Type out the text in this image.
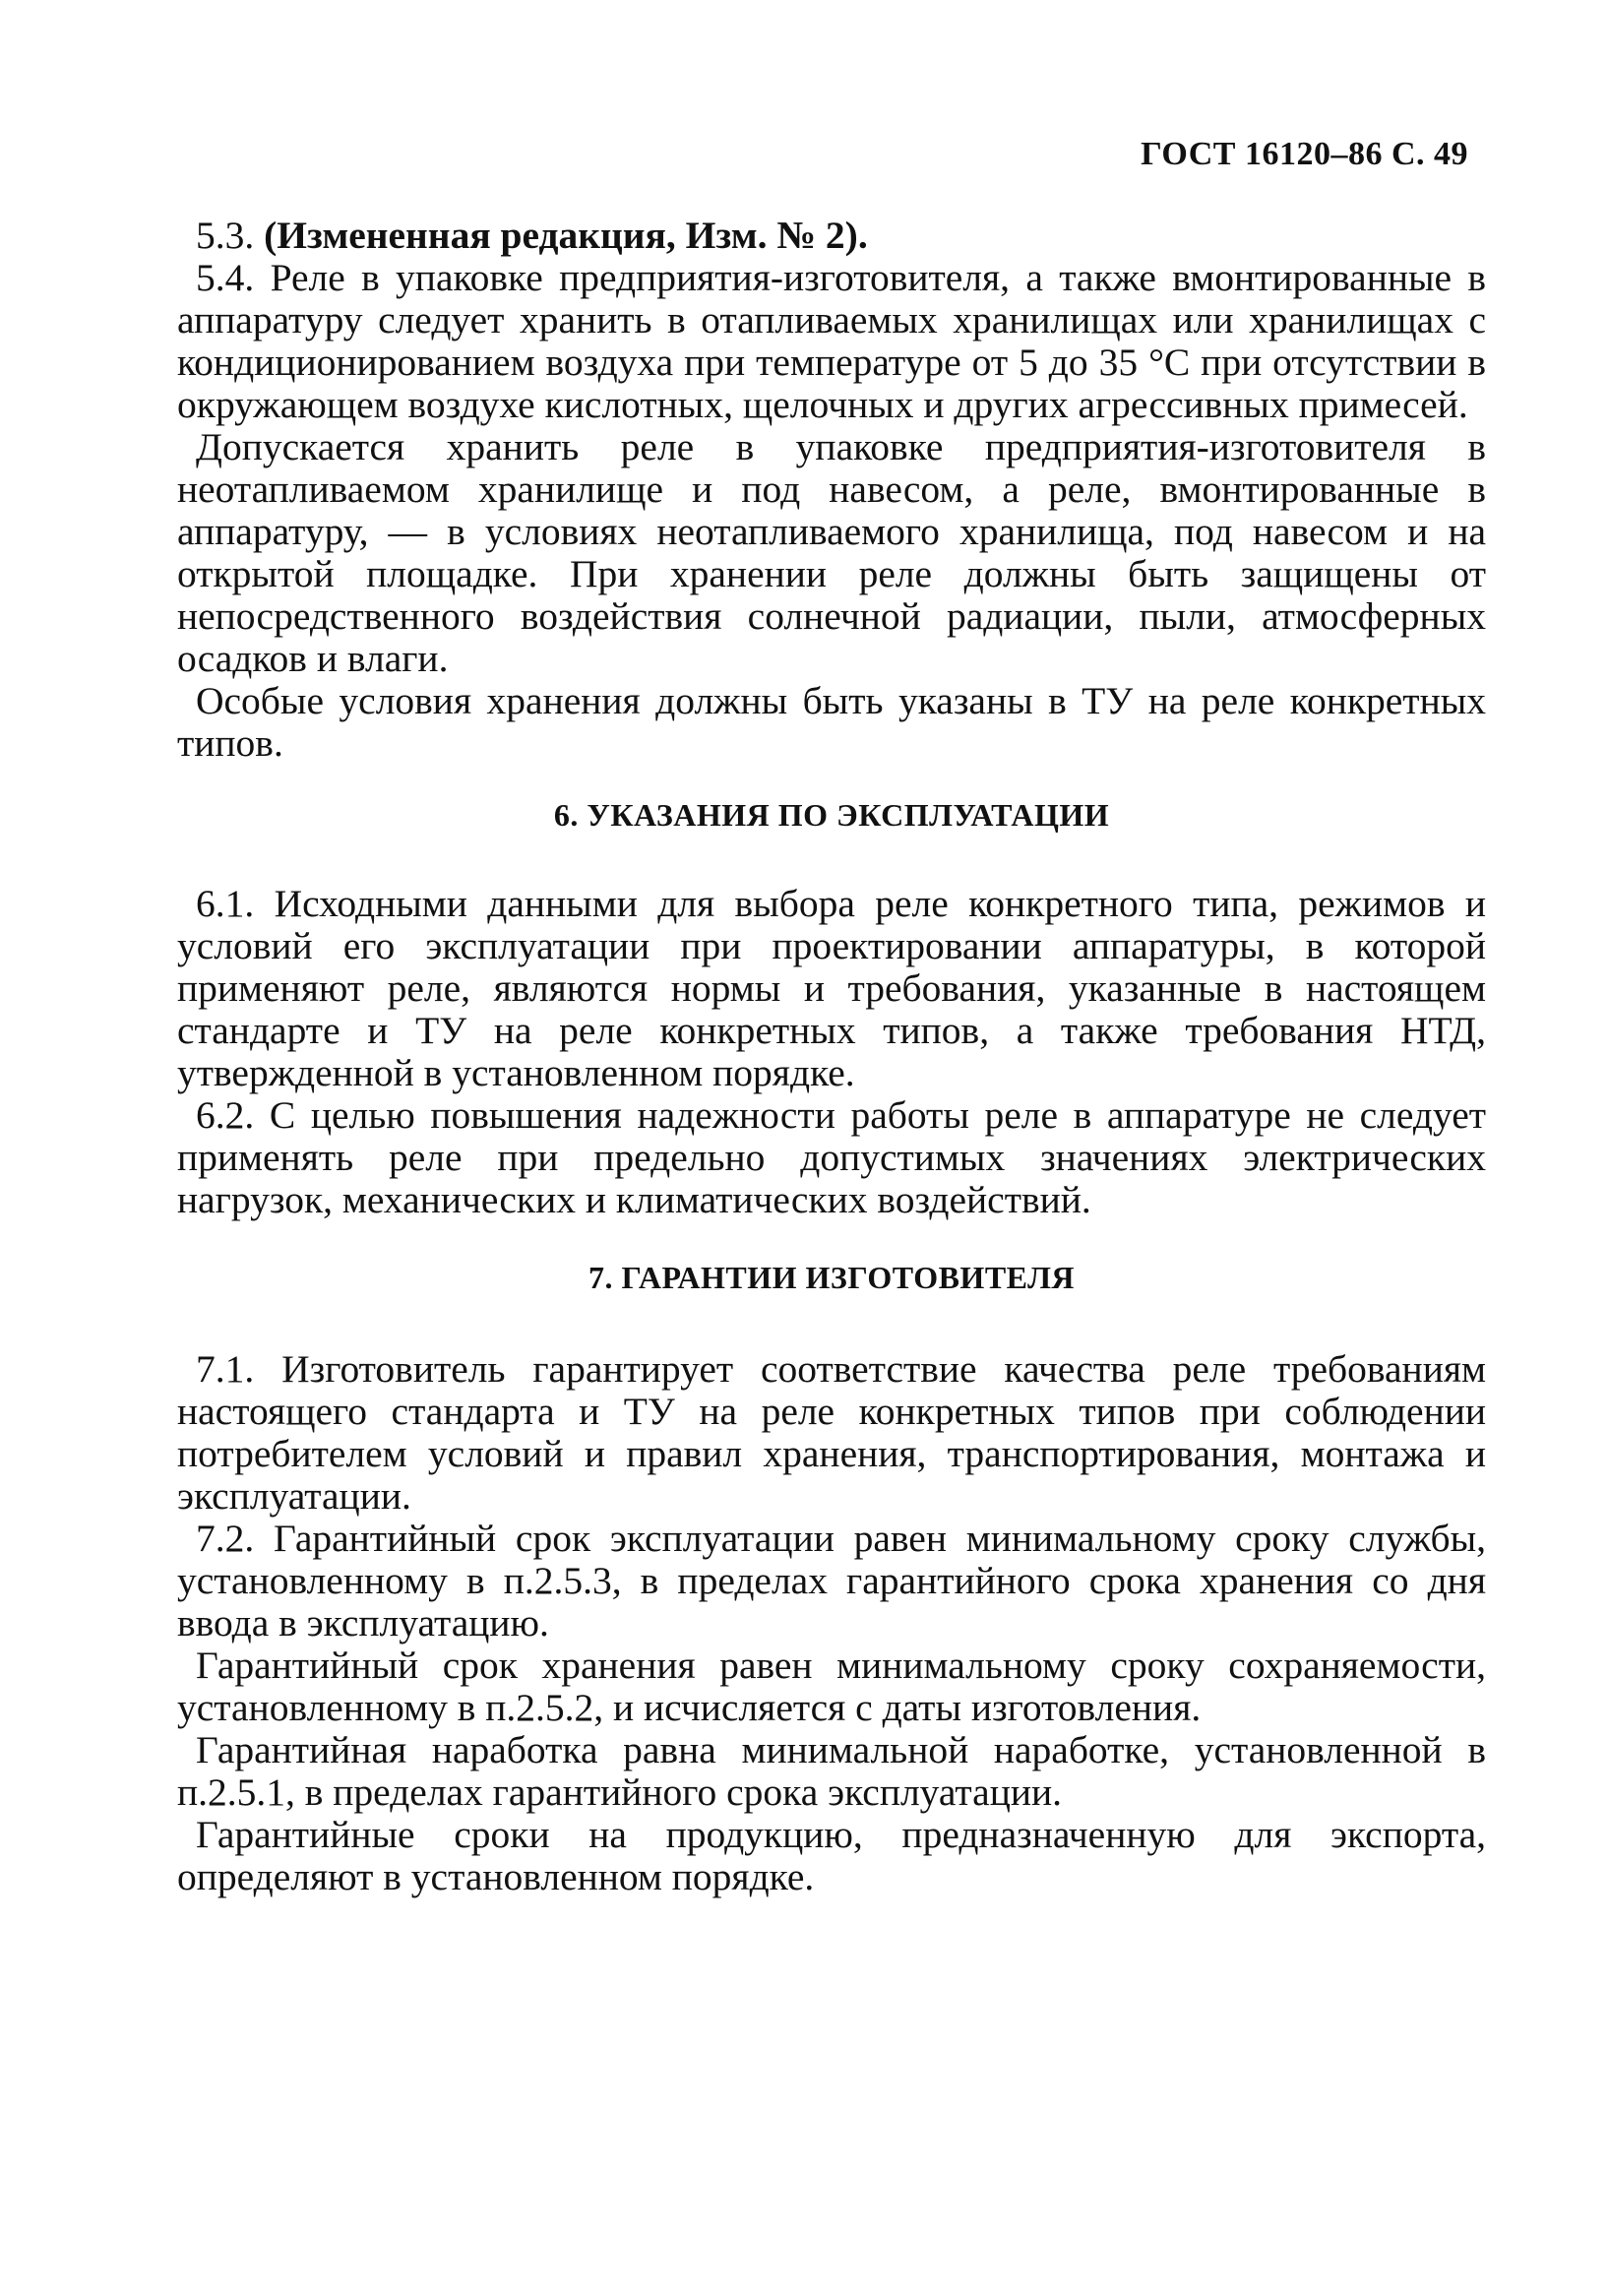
ГОСТ 16120–86 С. 49

5.3. (Измененная редакция, Изм. № 2).

5.4. Реле в упаковке предприятия-изготовителя, а также вмонтированные в аппаратуру следует хранить в отапливаемых хранилищах или хранилищах с кондиционированием воздуха при температуре от 5 до 35 °С при отсутствии в окружающем воздухе кислотных, щелочных и других агрессивных примесей.

Допускается хранить реле в упаковке предприятия-изготовителя в неотапливаемом хранилище и под навесом, а реле, вмонтированные в аппаратуру, — в условиях неотапливаемого хранилища, под навесом и на открытой площадке. При хранении реле должны быть защищены от непосредственного воздействия солнечной радиации, пыли, атмосферных осадков и влаги.

Особые условия хранения должны быть указаны в ТУ на реле конкретных типов.

6. УКАЗАНИЯ ПО ЭКСПЛУАТАЦИИ

6.1. Исходными данными для выбора реле конкретного типа, режимов и условий его эксплуатации при проектировании аппаратуры, в которой применяют реле, являются нормы и требования, указанные в настоящем стандарте и ТУ на реле конкретных типов, а также требования НТД, утвержденной в установленном порядке.

6.2. С целью повышения надежности работы реле в аппаратуре не следует применять реле при предельно допустимых значениях электрических нагрузок, механических и климатических воздействий.

7. ГАРАНТИИ ИЗГОТОВИТЕЛЯ

7.1. Изготовитель гарантирует соответствие качества реле требованиям настоящего стандарта и ТУ на реле конкретных типов при соблюдении потребителем условий и правил хранения, транспортирования, монтажа и эксплуатации.

7.2. Гарантийный срок эксплуатации равен минимальному сроку службы, установленному в п.2.5.3, в пределах гарантийного срока хранения со дня ввода в эксплуатацию.

Гарантийный срок хранения равен минимальному сроку сохраняемости, установленному в п.2.5.2, и исчисляется с даты изготовления.

Гарантийная наработка равна минимальной наработке, установленной в п.2.5.1, в пределах гарантийного срока эксплуатации.

Гарантийные сроки на продукцию, предназначенную для экспорта, определяют в установленном порядке.
